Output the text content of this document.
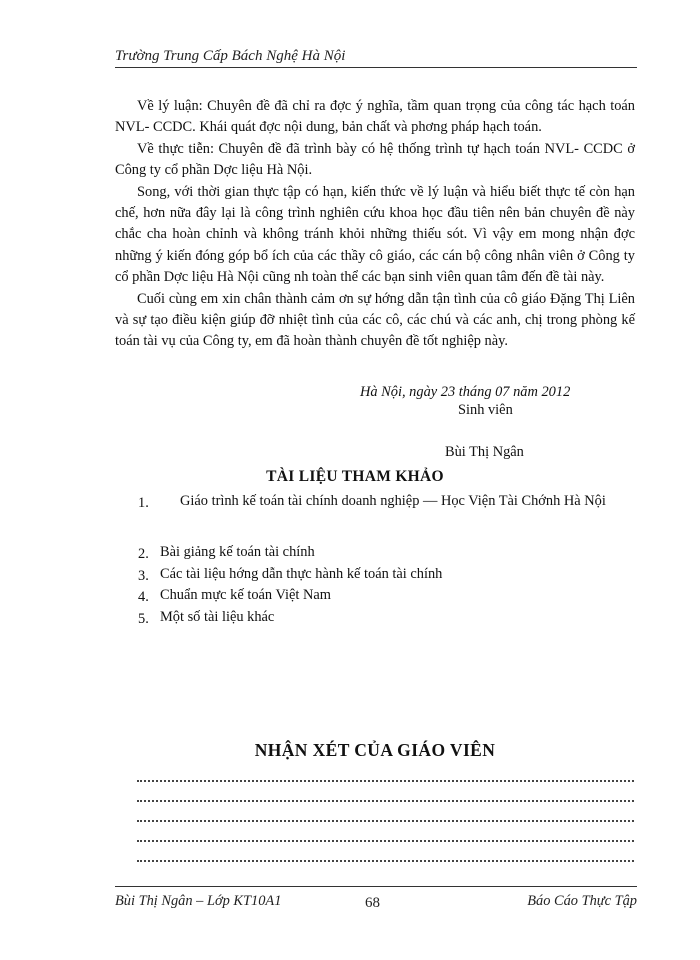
Trường Trung Cấp Bách Nghệ Hà Nội

Về lý luận: Chuyên đề đã chỉ ra đợc ý nghĩa, tầm quan trọng của công tác hạch toán NVL- CCDC. Khái quát đợc nội dung, bản chất và phơng pháp hạch toán.

Về thực tiễn: Chuyên đề đã trình bày có hệ thống trình tự hạch toán NVL- CCDC ở Công ty cổ phần Dợc liệu Hà Nội.

Song, với thời gian thực tập có hạn, kiến thức về lý luận và hiểu biết thực tế còn hạn chế, hơn nữa đây lại là công trình nghiên cứu khoa học đầu tiên nên bản chuyên đề này chắc cha hoàn chỉnh và không tránh khỏi những thiếu sót. Vì vậy em mong nhận đợc những ý kiến đóng góp bổ ích của các thầy cô giáo, các cán bộ công nhân viên ở Công ty cổ phần Dợc liệu Hà Nội cũng nh toàn thể các bạn sinh viên quan tâm đến đề tài này.

Cuối cùng em xin chân thành cảm ơn sự hớng dẫn tận tình của cô giáo Đặng Thị Liên và sự tạo điều kiện giúp đỡ nhiệt tình của các cô, các chú và các anh, chị trong phòng kế toán tài vụ của Công ty, em đã hoàn thành chuyên đề tốt nghiệp này.

Hà Nội, ngày 23 tháng 07 năm 2012
Sinh viên
Bùi Thị Ngân
TÀI LIỆU THAM KHẢO
1.	Giáo trình kế toán tài chính doanh nghiệp — Học Viện Tài Chớnh Hà Nội
2. Bài giảng kế toán tài chính
3. Các tài liệu hớng dẫn thực hành kế toán tài chính
4. Chuẩn mực kế toán Việt Nam
5. Một số tài liệu khác
NHẬN XÉT CỦA GIÁO VIÊN
Bùi Thị Ngân – Lớp KT10A1	68	Báo Cáo Thực Tập
